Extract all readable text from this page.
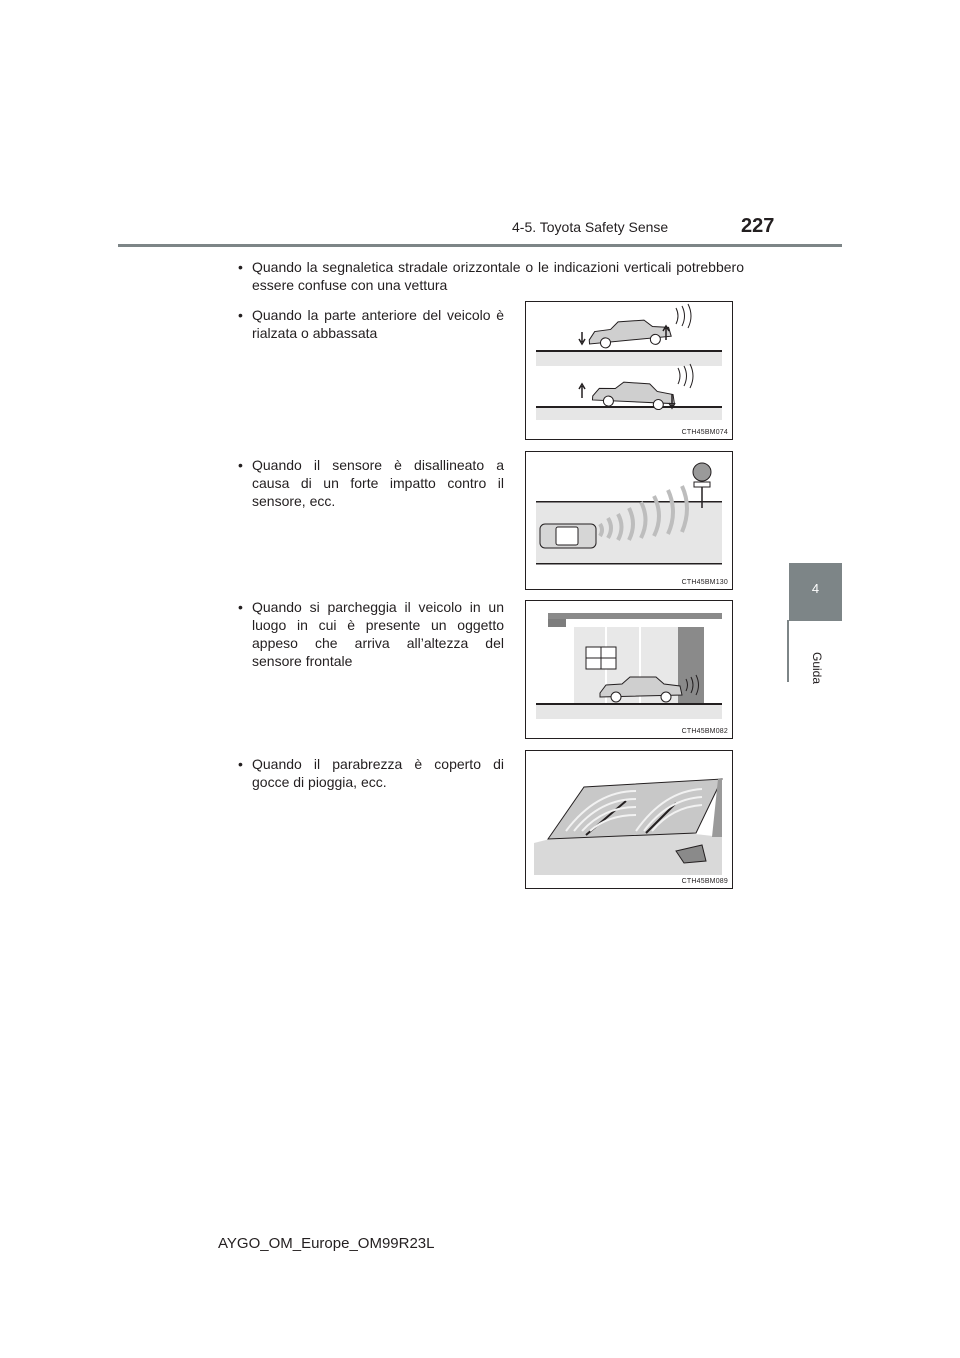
4-5. Toyota Safety Sense	227
4
Guida
• Quando la segnaletica stradale orizzontale o le indicazioni verticali potrebbero essere confuse con una vettura
• Quando la parte anteriore del veicolo è rialzata o abbassata
CTH45BM074
• Quando il sensore è disallineato a causa di un forte impatto contro il sensore, ecc.
CTH45BM130
• Quando si parcheggia il veicolo in un luogo in cui è presente un oggetto appeso che arriva all’altezza del sensore frontale
CTH45BM082
• Quando il parabrezza è coperto di gocce di pioggia, ecc.
CTH45BM089
AYGO_OM_Europe_OM99R23L
